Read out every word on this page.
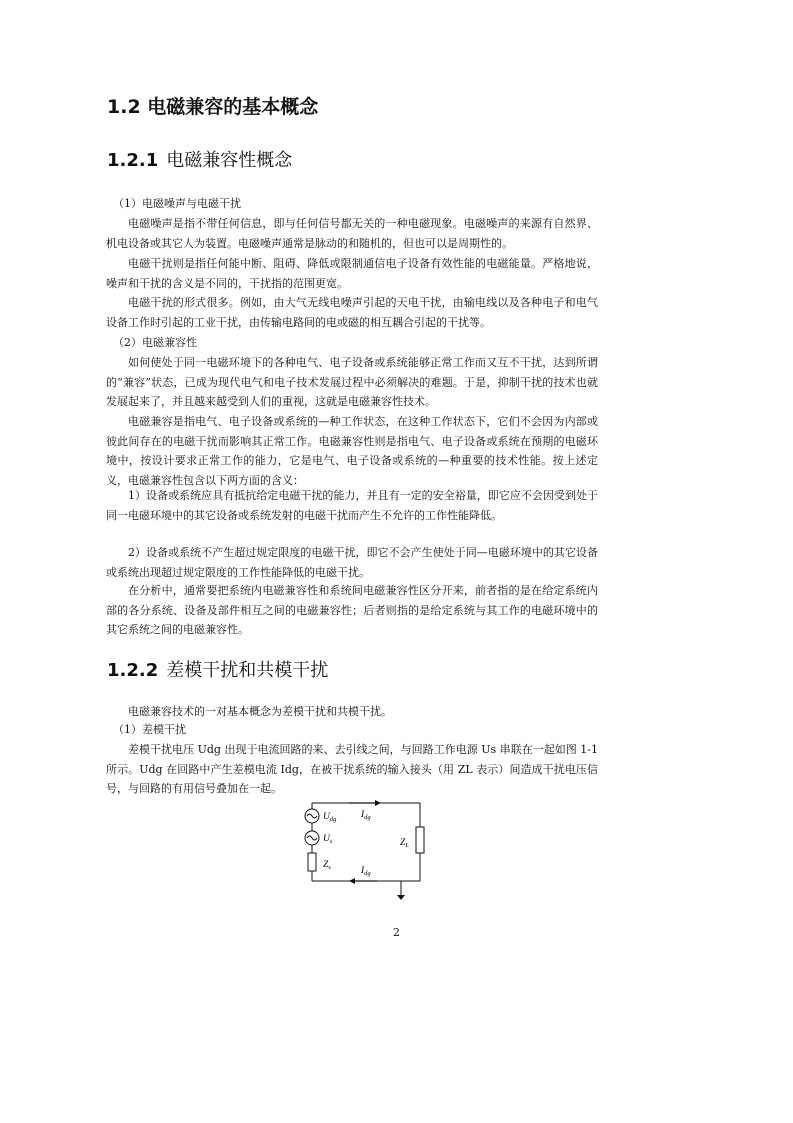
1.2 电磁兼容的基本概念
1.2.1 电磁兼容性概念
（1）电磁噪声与电磁干扰

电磁噪声是指不带任何信息，即与任何信号都无关的一种电磁现象。电磁噪声的来源有自然界、机电设备或其它人为装置。电磁噪声通常是脉动的和随机的，但也可以是周期性的。

电磁干扰则是指任何能中断、阻碍、降低或限制通信电子设备有效性能的电磁能量。严格地说，噪声和干扰的含义是不同的，干扰指的范围更宽。

电磁干扰的形式很多。例如，由大气无线电噪声引起的天电干扰，由输电线以及各种电子和电气设备工作时引起的工业干扰，由传输电路间的电或磁的相互耦合引起的干扰等。

（2）电磁兼容性

如何使处于同一电磁环境下的各种电气、电子设备或系统能够正常工作而又互不干扰，达到所谓的“兼容”状态，已成为现代电气和电子技术发展过程中必须解决的难题。于是，抑制干扰的技术也就发展起来了，并且越来越受到人们的重视，这就是电磁兼容性技术。

电磁兼容是指电气、电子设备或系统的—种工作状态，在这种工作状态下，它们不会因为内部或彼此间存在的电磁干扰而影响其正常工作。电磁兼容性则是指电气、电子设备或系统在预期的电磁环境中，按设计要求正常工作的能力，它是电气、电子设备或系统的—种重要的技术性能。按上述定义，电磁兼容性包含以下两方面的含义：

1）设备或系统应具有抵抗给定电磁干扰的能力，并且有一定的安全裕量，即它应不会因受到处于同一电磁环境中的其它设备或系统发射的电磁干扰而产生不允许的工作性能降低。

2）设备或系统不产生超过规定限度的电磁干扰，即它不会产生使处于同—电磁环境中的其它设备或系统出现超过规定限度的工作性能降低的电磁干扰。

在分析中，通常要把系统内电磁兼容性和系统间电磁兼容性区分开来，前者指的是在给定系统内部的各分系统、设备及部件相互之间的电磁兼容性；后者则指的是给定系统与其工作的电磁环境中的其它系统之间的电磁兼容性。

1.2.2 差模干扰和共模干扰

电磁兼容技术的一对基本概念为差模干扰和共模干扰。

（1）差模干扰

差模干扰电压 Udg 出现于电流回路的来、去引线之间，与回路工作电源 Us 串联在一起如图 1-1 所示。Udg 在回路中产生差模电流 Idg，在被干扰系统的输入接头（用 ZL 表示）间造成干扰电压信号，与回路的有用信号叠加在一起。

$U_{dg}$
$U_s$
$Z_s$
$Z_L$
$I_{dg}$
$I_{dg}$
2
